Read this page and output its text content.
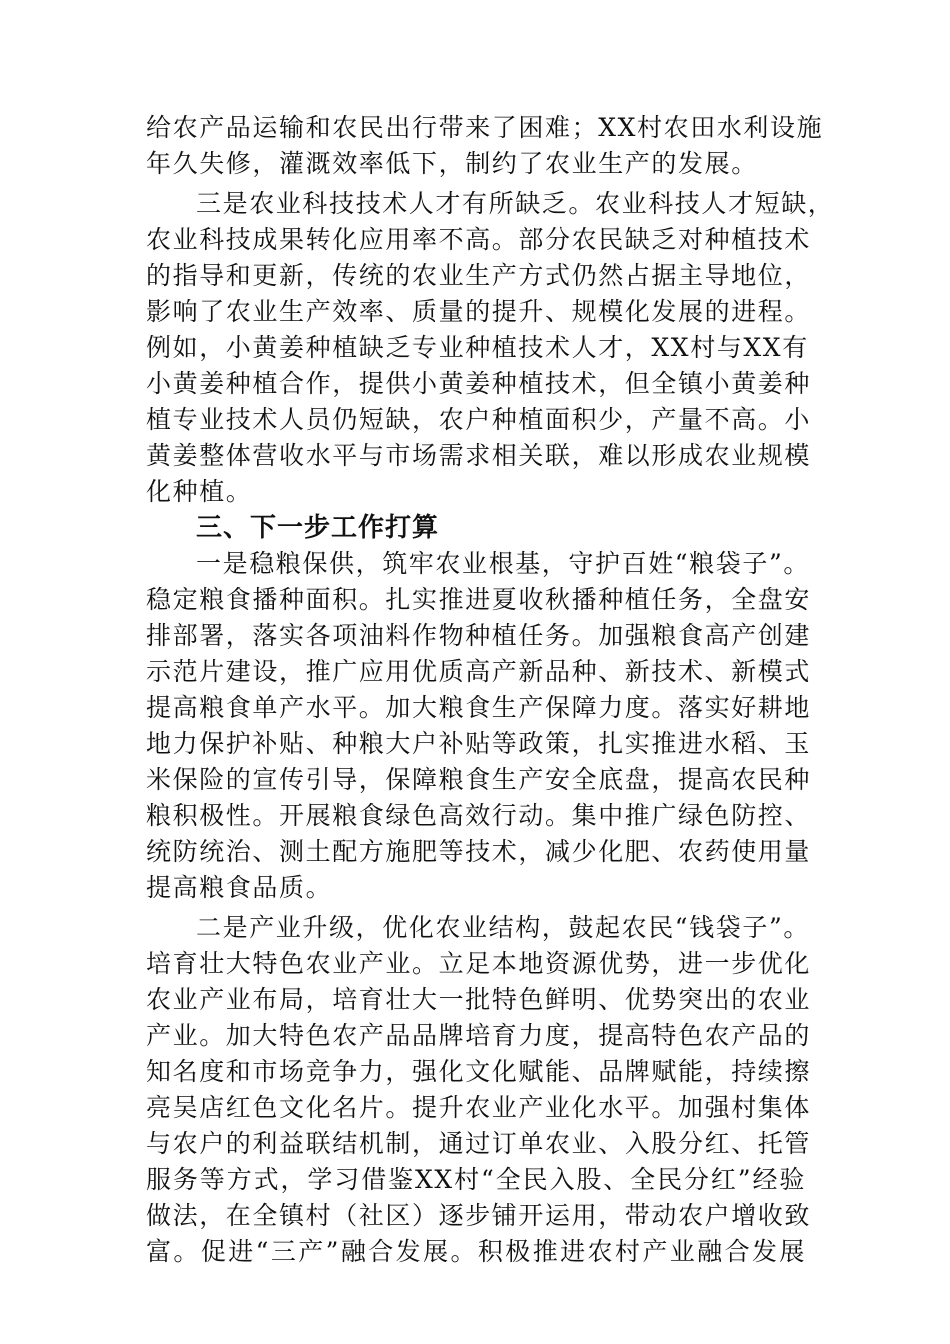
给农产品运输和农民出行带来了困难；XX村农田水利设施
年久失修，灌溉效率低下，制约了农业生产的发展。
三是农业科技技术人才有所缺乏。农业科技人才短缺，
农业科技成果转化应用率不高。部分农民缺乏对种植技术
的指导和更新，传统的农业生产方式仍然占据主导地位，
影响了农业生产效率、质量的提升、规模化发展的进程。
例如，小黄姜种植缺乏专业种植技术人才，XX村与XX有
小黄姜种植合作，提供小黄姜种植技术，但全镇小黄姜种
植专业技术人员仍短缺，农户种植面积少，产量不高。小
黄姜整体营收水平与市场需求相关联，难以形成农业规模
化种植。
三、下一步工作打算
一是稳粮保供，筑牢农业根基，守护百姓“粮袋子”。
稳定粮食播种面积。扎实推进夏收秋播种植任务，全盘安
排部署，落实各项油料作物种植任务。加强粮食高产创建
示范片建设，推广应用优质高产新品种、新技术、新模式
提高粮食单产水平。加大粮食生产保障力度。落实好耕地
地力保护补贴、种粮大户补贴等政策，扎实推进水稻、玉
米保险的宣传引导，保障粮食生产安全底盘，提高农民种
粮积极性。开展粮食绿色高效行动。集中推广绿色防控、
统防统治、测土配方施肥等技术，减少化肥、农药使用量
提高粮食品质。
二是产业升级，优化农业结构，鼓起农民“钱袋子”。
培育壮大特色农业产业。立足本地资源优势，进一步优化
农业产业布局，培育壮大一批特色鲜明、优势突出的农业
产业。加大特色农产品品牌培育力度，提高特色农产品的
知名度和市场竞争力，强化文化赋能、品牌赋能，持续擦
亮吴店红色文化名片。提升农业产业化水平。加强村集体
与农户的利益联结机制，通过订单农业、入股分红、托管
服务等方式，学习借鉴XX村“全民入股、全民分红”经验
做法，在全镇村（社区）逐步铺开运用，带动农户增收致
富。促进“三产”融合发展。积极推进农村产业融合发展
